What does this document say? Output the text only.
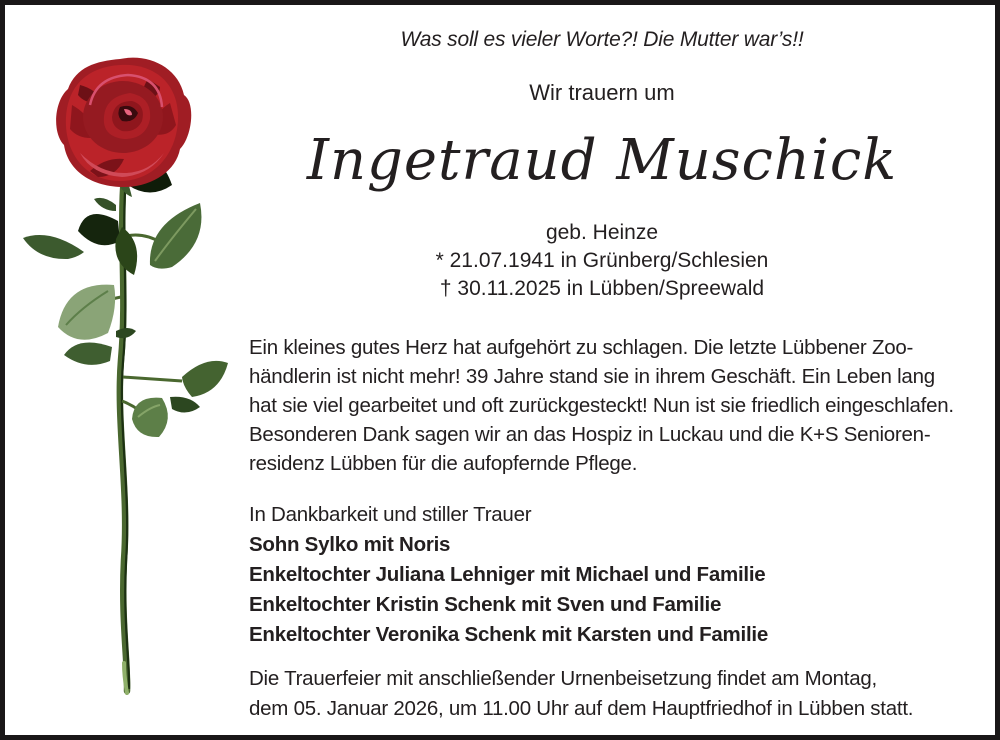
Was soll es vieler Worte?! Die Mutter war’s!!
Wir trauern um
Ingetraud Muschick
geb. Heinze
* 21.07.1941 in Grünberg/Schlesien
† 30.11.2025 in Lübben/Spreewald
Ein kleines gutes Herz hat aufgehört zu schlagen. Die letzte Lübbener Zoo-
händlerin ist nicht mehr! 39 Jahre stand sie in ihrem Geschäft. Ein Leben lang
hat sie viel gearbeitet und oft zurückgesteckt! Nun ist sie friedlich eingeschlafen.
Besonderen Dank sagen wir an das Hospiz in Luckau und die K+S Senioren-
residenz Lübben für die aufopfernde Pflege.
In Dankbarkeit und stiller Trauer
Sohn Sylko mit Noris
Enkeltochter Juliana Lehniger mit Michael und Familie
Enkeltochter Kristin Schenk mit Sven und Familie
Enkeltochter Veronika Schenk mit Karsten und Familie
Die Trauerfeier mit anschließender Urnenbeisetzung findet am Montag,
dem 05. Januar 2026, um 11.00 Uhr auf dem Hauptfriedhof in Lübben statt.
